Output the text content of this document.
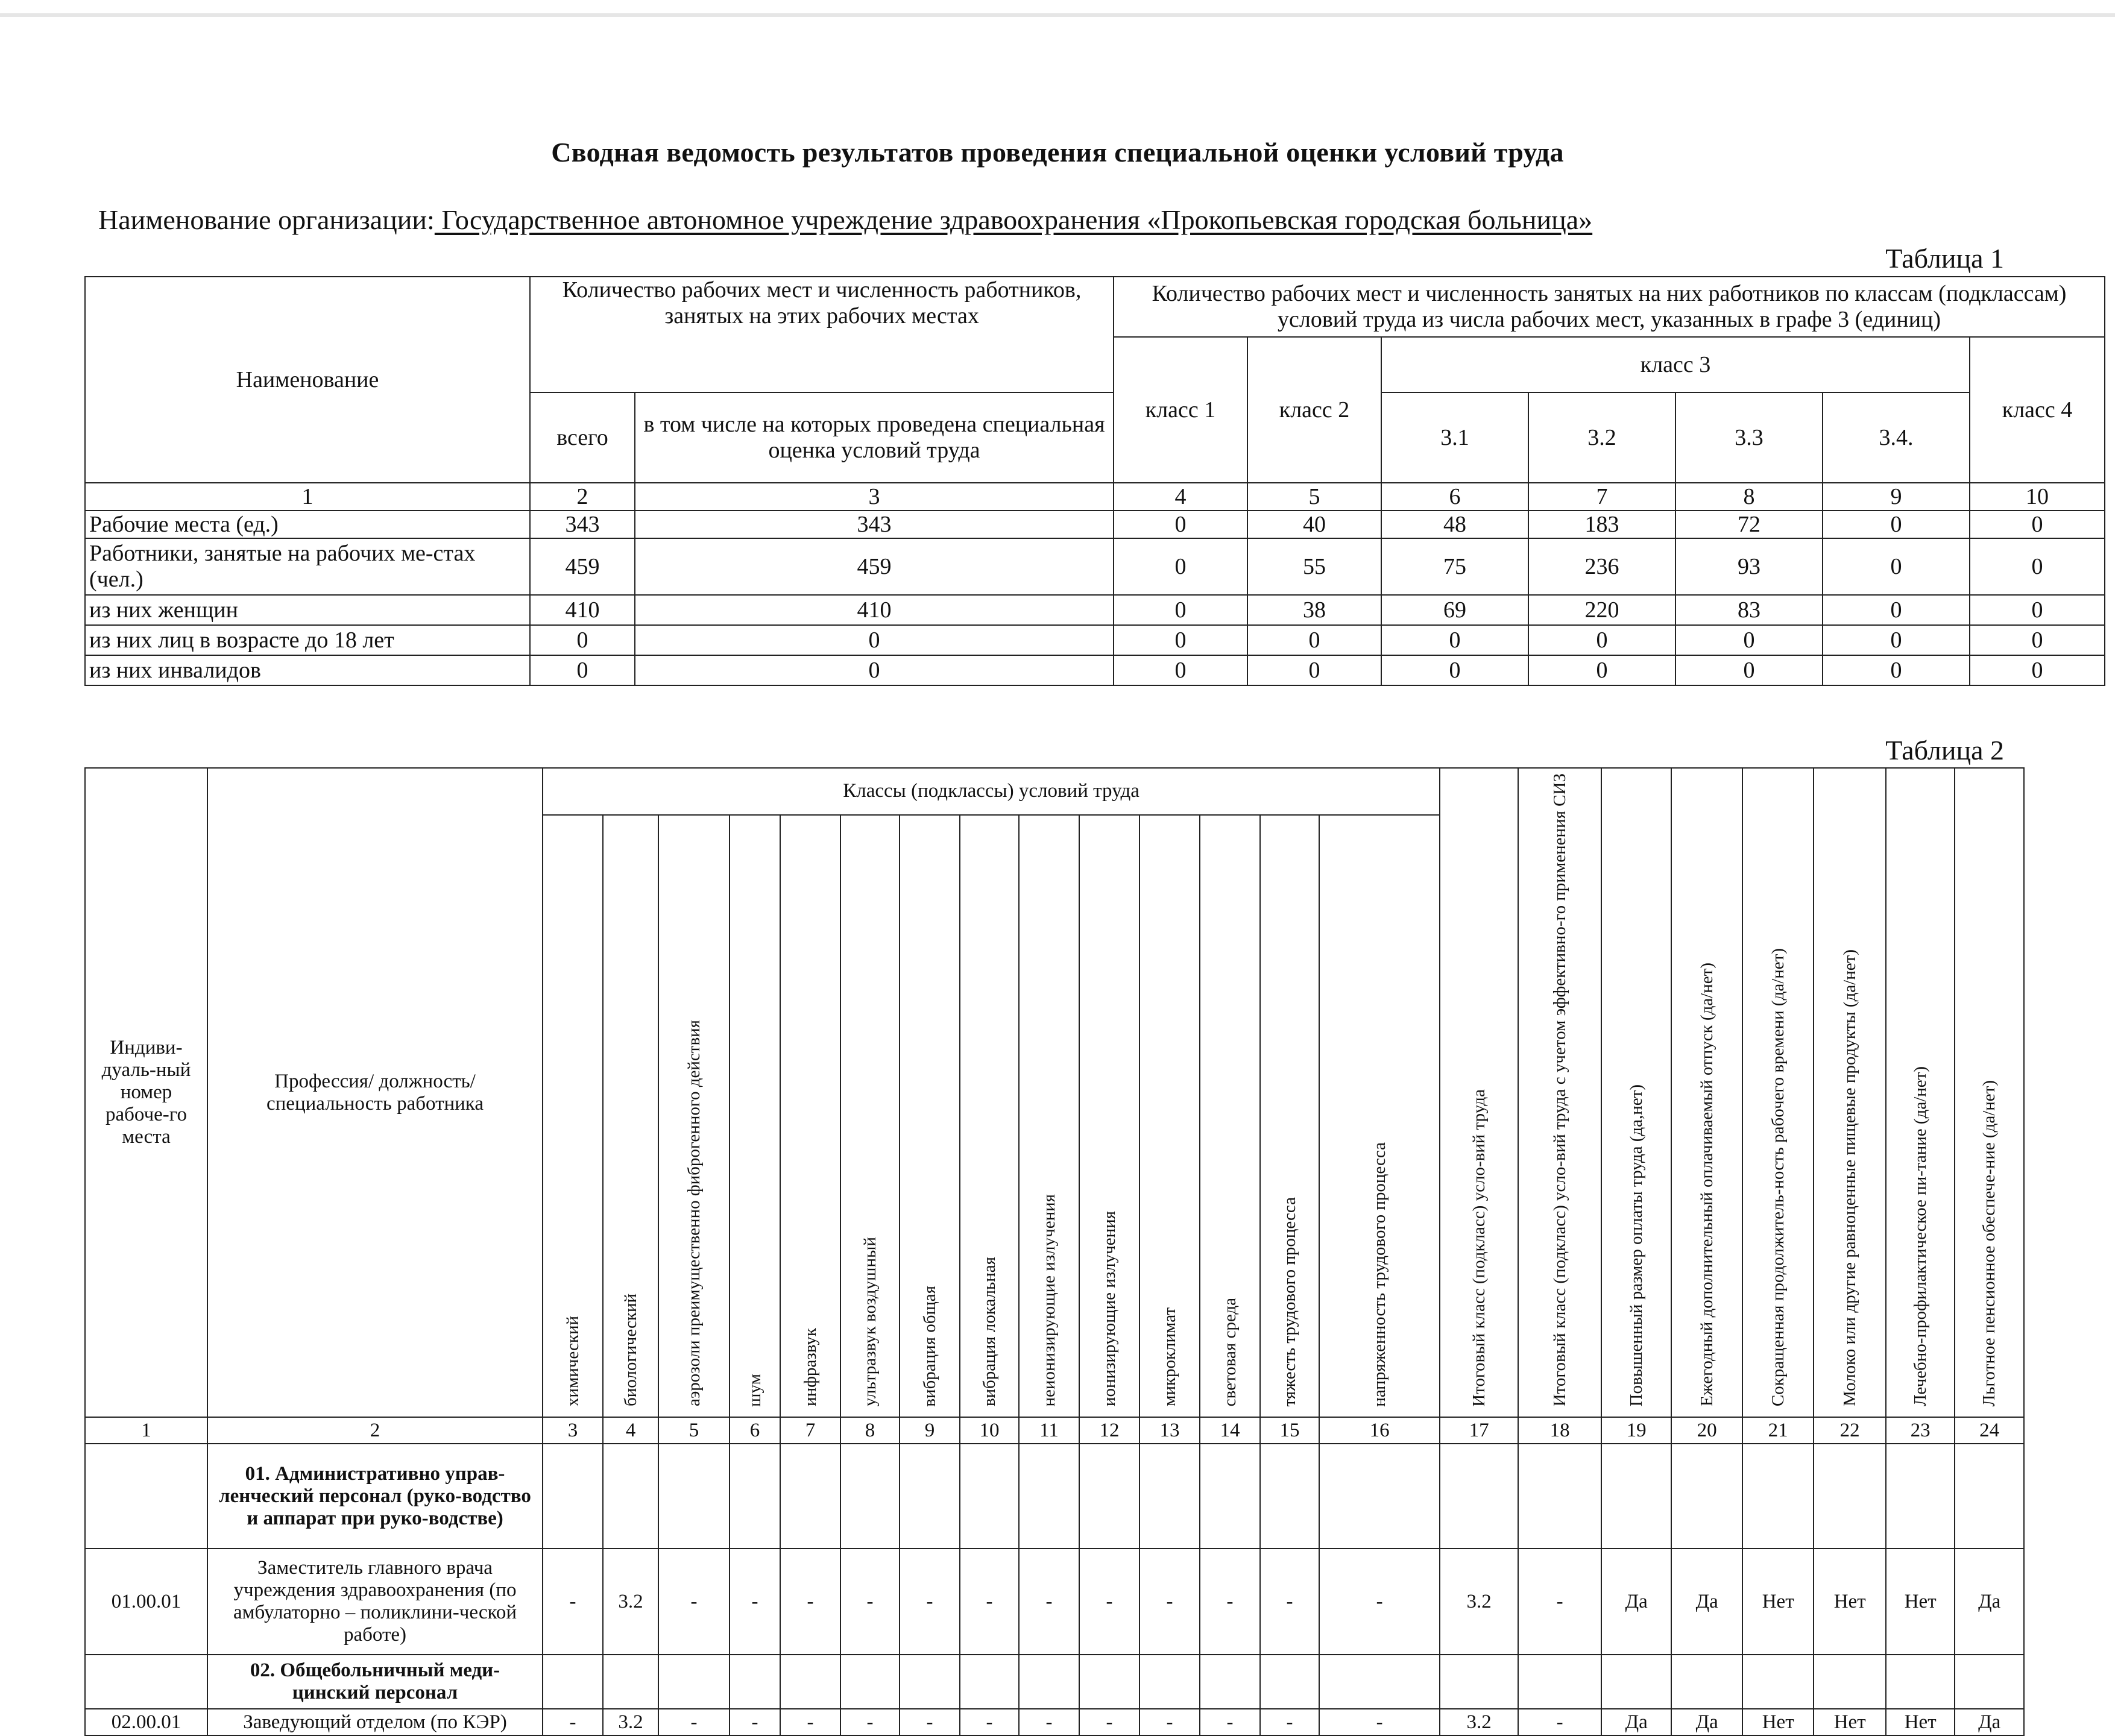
Сводная ведомость результатов проведения специальной оценки условий труда
Наименование организации: Государственное автономное учреждение здравоохранения «Прокопьевская городская больница»
Таблица 1
Наименование	Количество рабочих мест и численность работников, занятых на этих рабочих местах		Количество рабочих мест и численность занятых на них работников по классам (подклассам) условий труда из числа рабочих мест, указанных в графе 3 (единиц)						
			класс 1	класс 2	класс 3				класс 4
	всего	в том числе на которых проведена специальная оценка условий труда			3.1	3.2	3.3	3.4.	
1	2	3	4	5	6	7	8	9	10
Рабочие места (ед.)	343	343	0	40	48	183	72	0	0
Работники, занятые на рабочих ме-стах (чел.)	459	459	0	55	75	236	93	0	0
из них женщин	410	410	0	38	69	220	83	0	0
из них лиц в возрасте до 18 лет	0	0	0	0	0	0	0	0	0
из них инвалидов	0	0	0	0	0	0	0	0	0
Таблица 2
Индиви-дуаль-ный номер рабоче-го места	Профессия/ должность/ специальность работника	Классы (подклассы) условий труда														Итоговый класс (подкласс) усло-вий труда	Итоговый класс (подкласс) усло-вий труда с учетом эффективно-го применения СИЗ	Повышенный размер оплаты труда (да,нет)	Ежегодный дополнительный оплачиваемый отпуск (да/нет)	Сокращенная продолжитель-ность рабочего времени (да/нет)	Молоко или другие равноценные пищевые продукты (да/нет)	Лечебно-профилактическое пи-тание (да/нет)	Льготное пенсионное обеспече-ние (да/нет)
		химический	биологический	аэрозоли преимущественно фиброгенного действия	шум	инфразвук	ультразвук воздушный	вибрация общая	вибрация локальная	неионизирующие излучения	ионизирующие излучения	микроклимат	световая среда	тяжесть трудового процесса	напряженность трудового процесса								
1	2	3	4	5	6	7	8	9	10	11	12	13	14	15	16	17	18	19	20	21	22	23	24
	01. Административно управ-ленческий персонал (руко-водство и аппарат при руко-водстве)																						
01.00.01	Заместитель главного врача учреждения здравоохранения (по амбулаторно – поликлини-ческой работе)	-	3.2	-	-	-	-	-	-	-	-	-	-	-	-	3.2	-	Да	Да	Нет	Нет	Нет	Да
	02. Общебольничный меди-цинский персонал																						
02.00.01	Заведующий отделом (по КЭР)	-	3.2	-	-	-	-	-	-	-	-	-	-	-	-	3.2	-	Да	Да	Нет	Нет	Нет	Да
